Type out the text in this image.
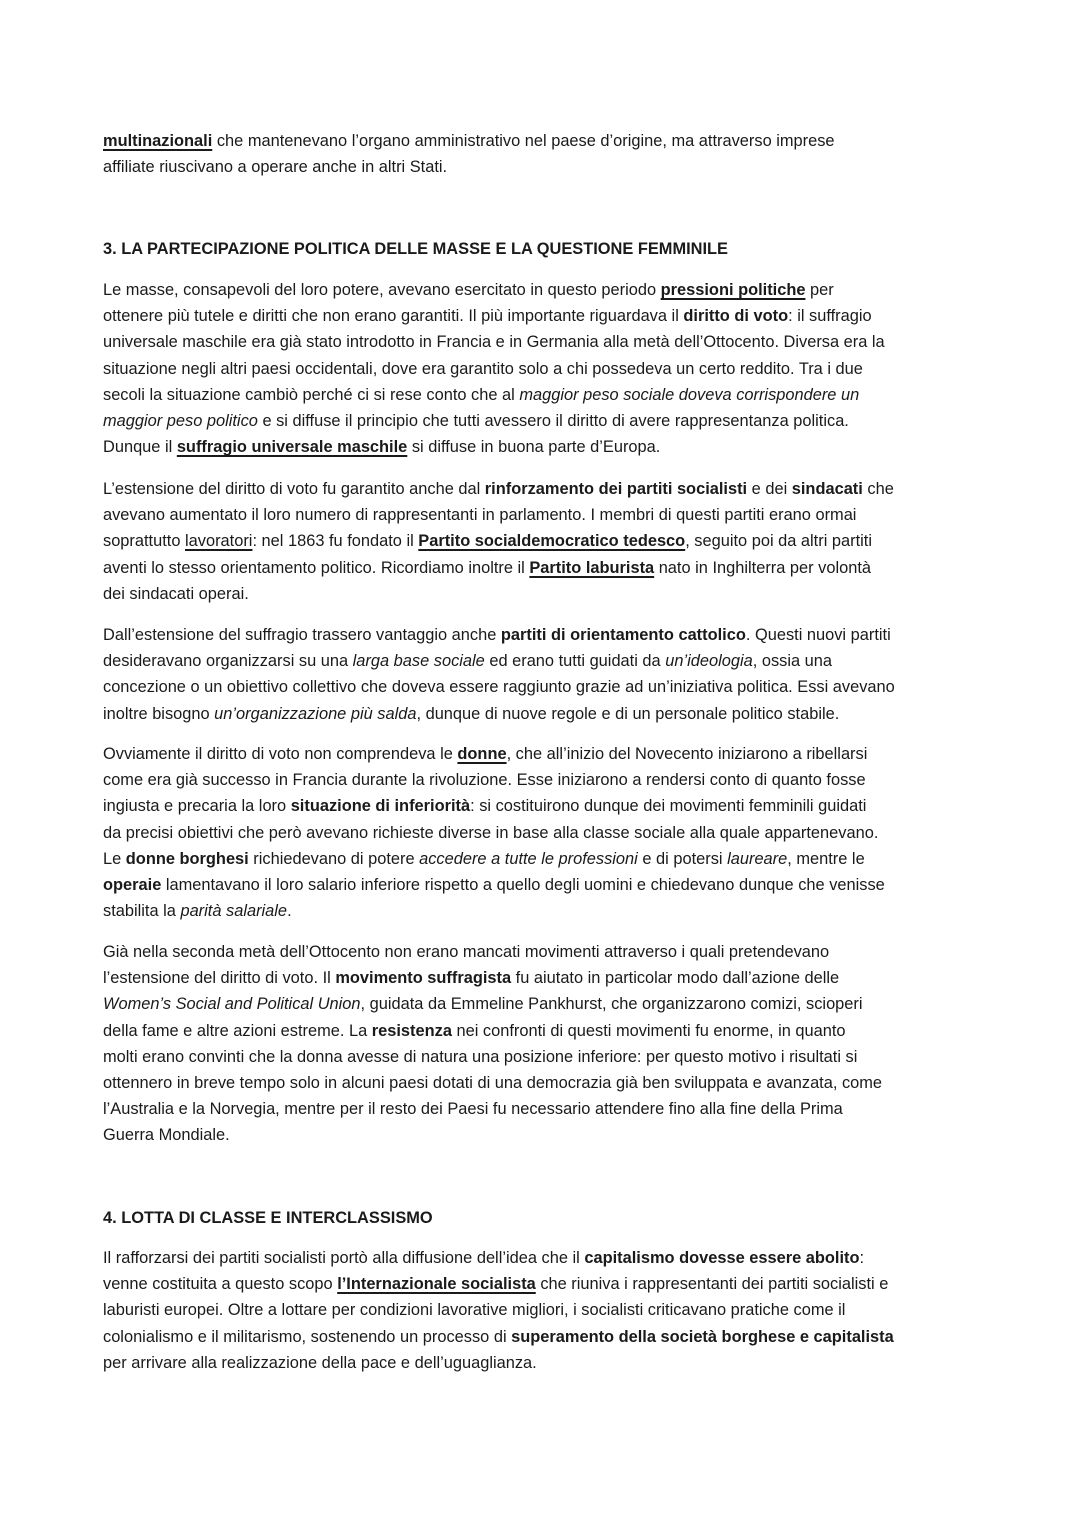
multinazionali che mantenevano l’organo amministrativo nel paese d’origine, ma attraverso imprese
affiliate riuscivano a operare anche in altri Stati.
3. LA PARTECIPAZIONE POLITICA DELLE MASSE E LA QUESTIONE FEMMINILE
Le masse, consapevoli del loro potere, avevano esercitato in questo periodo pressioni politiche per
ottenere più tutele e diritti che non erano garantiti. Il più importante riguardava il diritto di voto: il suffragio
universale maschile era già stato introdotto in Francia e in Germania alla metà dell’Ottocento. Diversa era la
situazione negli altri paesi occidentali, dove era garantito solo a chi possedeva un certo reddito. Tra i due
secoli la situazione cambiò perché ci si rese conto che al maggior peso sociale doveva corrispondere un
maggior peso politico e si diffuse il principio che tutti avessero il diritto di avere rappresentanza politica.
Dunque il suffragio universale maschile si diffuse in buona parte d’Europa.
L’estensione del diritto di voto fu garantito anche dal rinforzamento dei partiti socialisti e dei sindacati che
avevano aumentato il loro numero di rappresentanti in parlamento. I membri di questi partiti erano ormai
soprattutto lavoratori: nel 1863 fu fondato il Partito socialdemocratico tedesco, seguito poi da altri partiti
aventi lo stesso orientamento politico. Ricordiamo inoltre il Partito laburista nato in Inghilterra per volontà
dei sindacati operai.
Dall’estensione del suffragio trassero vantaggio anche partiti di orientamento cattolico. Questi nuovi partiti
desideravano organizzarsi su una larga base sociale ed erano tutti guidati da un’ideologia, ossia una
concezione o un obiettivo collettivo che doveva essere raggiunto grazie ad un’iniziativa politica. Essi avevano
inoltre bisogno un’organizzazione più salda, dunque di nuove regole e di un personale politico stabile.
Ovviamente il diritto di voto non comprendeva le donne, che all’inizio del Novecento iniziarono a ribellarsi
come era già successo in Francia durante la rivoluzione. Esse iniziarono a rendersi conto di quanto fosse
ingiusta e precaria la loro situazione di inferiorità: si costituirono dunque dei movimenti femminili guidati
da precisi obiettivi che però avevano richieste diverse in base alla classe sociale alla quale appartenevano.
Le donne borghesi richiedevano di potere accedere a tutte le professioni e di potersi laureare, mentre le
operaie lamentavano il loro salario inferiore rispetto a quello degli uomini e chiedevano dunque che venisse
stabilita la parità salariale.
Già nella seconda metà dell’Ottocento non erano mancati movimenti attraverso i quali pretendevano
l’estensione del diritto di voto. Il movimento suffragista fu aiutato in particolar modo dall’azione delle
Women’s Social and Political Union, guidata da Emmeline Pankhurst, che organizzarono comizi, scioperi
della fame e altre azioni estreme. La resistenza nei confronti di questi movimenti fu enorme, in quanto
molti erano convinti che la donna avesse di natura una posizione inferiore: per questo motivo i risultati si
ottennero in breve tempo solo in alcuni paesi dotati di una democrazia già ben sviluppata e avanzata, come
l’Australia e la Norvegia, mentre per il resto dei Paesi fu necessario attendere fino alla fine della Prima
Guerra Mondiale.
4. LOTTA DI CLASSE E INTERCLASSISMO
Il rafforzarsi dei partiti socialisti portò alla diffusione dell’idea che il capitalismo dovesse essere abolito:
venne costituita a questo scopo l’Internazionale socialista che riuniva i rappresentanti dei partiti socialisti e
laburisti europei. Oltre a lottare per condizioni lavorative migliori, i socialisti criticavano pratiche come il
colonialismo e il militarismo, sostenendo un processo di superamento della società borghese e capitalista
per arrivare alla realizzazione della pace e dell’uguaglianza.
